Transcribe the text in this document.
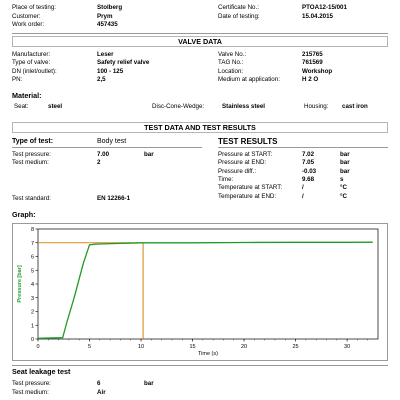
Place of testing:	Stolberg
Customer:	Prym
Work order:	457435
Certificate No.:	PTOA12-15/001
Date of testing:	15.04.2015
VALVE DATA
Manufacturer:	Leser
Type of valve:	Safety relief valve
DN (inlet/outlet):	100 - 125
PN:	2,5
Valve No.:	215765
TAG No.:	761569
Location:	Workshop
Medium at application:	H 2 O
Material:
Seat:	steel	Disc-Cone-Wedge:	Stainless steel	Housing: cast iron
TEST DATA AND TEST RESULTS
Type of test:	Body test
Test pressure:	7.00	bar
Test medium:	2
Test standard:	EN 12266-1
TEST RESULTS
Pressure at START:	7.02	bar
Pressure at END:	7.05	bar
Pressure diff.:	-0.03	bar
Time:	9.68	s
Temperature at START:	/	°C
Temperature at END:	/	°C
Graph:
0	5	10	15	20	25	30
0
1
2
3
4
5
6
7
8
Time (s)
Pressure [bar]
Seat leakage test
Test pressure:	6	bar
Test medium:	Air
